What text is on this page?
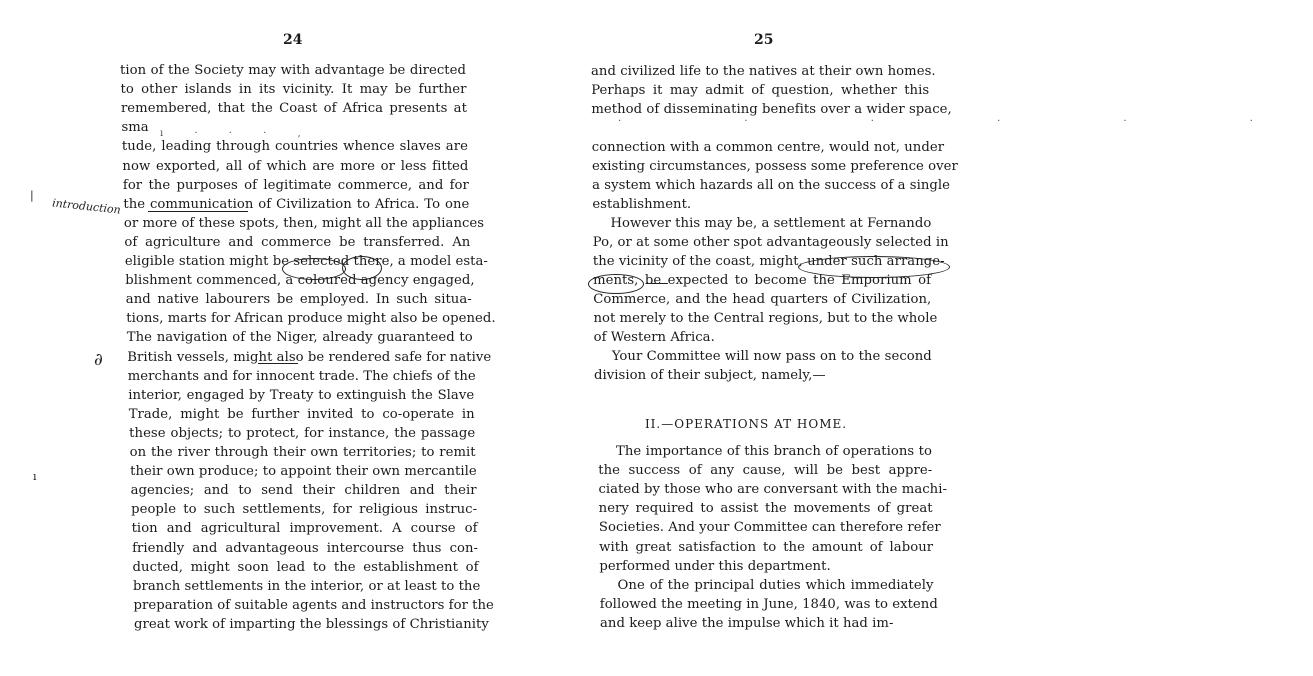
24
tion of the Society may with advantage be directed
to other islands in its vicinity. It may be further
remembered, that the Coast of Africa presents at
sma
tude, leading through countries whence slaves are
now exported, all of which are more or less fitted
for the purposes of legitimate commerce, and for
the communication of Civilization to Africa. To one
or more of these spots, then, might all the appliances
of agriculture and commerce be transferred. An
eligible station might be selected there, a model esta-
blishment commenced, a coloured agency engaged,
and native labourers be employed. In such situa-
tions, marts for African produce might also be opened.
The navigation of the Niger, already guaranteed to
British vessels, might also be rendered safe for native
merchants and for innocent trade. The chiefs of the
interior, engaged by Treaty to extinguish the Slave
Trade, might be further invited to co-operate in
these objects; to protect, for instance, the passage
on the river through their own territories; to remit
their own produce; to appoint their own mercantile
agencies; and to send their children and their
people to such settlements, for religious instruc-
tion and agricultural improvement. A course of
friendly and advantageous intercourse thus con-
ducted, might soon lead to the establishment of
branch settlements in the interior, or at least to the
preparation of suitable agents and instructors for the
great work of imparting the blessings of Christianity
introduction
∂
|
ı
ı · · · ,
25
and civilized life to the natives at their own homes.
Perhaps it may admit of question, whether this
method of disseminating benefits over a wider space,
connection with a common centre, would not, under
existing circumstances, possess some preference over
a system which hazards all on the success of a single
establishment.
However this may be, a settlement at Fernando
Po, or at some other spot advantageously selected in
the vicinity of the coast, might, under such arrange-
ments, be expected to become the Emporium of
Commerce, and the head quarters of Civilization,
not merely to the Central regions, but to the whole
of Western Africa.
Your Committee will now pass on to the second
division of their subject, namely,—
II.—OPERATIONS AT HOME.
The importance of this branch of operations to
the success of any cause, will be best appre-
ciated by those who are conversant with the machi-
nery required to assist the movements of great
Societies. And your Committee can therefore refer
with great satisfaction to the amount of labour
performed under this department.
One of the principal duties which immediately
followed the meeting in June, 1840, was to extend
and keep alive the impulse which it had im-
· · · · · ·
